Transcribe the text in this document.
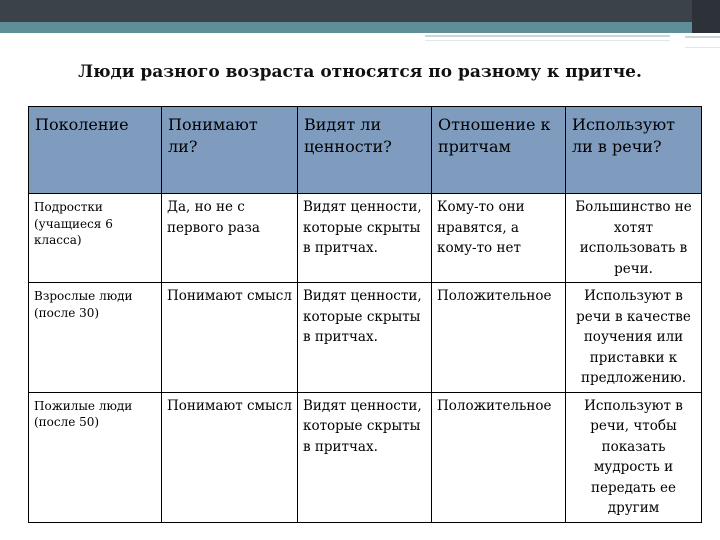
Люди разного возраста относятся по разному к притче.
Поколение	Понимают ли?	Видят ли ценности?	Отношение к притчам	Используют ли в речи?
Подростки (учащиеся 6 класса)	Да, но не с первого раза	Видят ценности, которые скрыты в притчах.	Кому-то они нравятся, а кому-то нет	Большинство не хотят использовать в речи.
Взрослые люди (после 30)	Понимают смысл	Видят ценности, которые скрыты в притчах.	Положительное	Используют в речи в качестве поучения или приставки к предложению.
Пожилые люди (после 50)	Понимают смысл	Видят ценности, которые скрыты в притчах.	Положительное	Используют в речи, чтобы показать мудрость и передать ее другим
